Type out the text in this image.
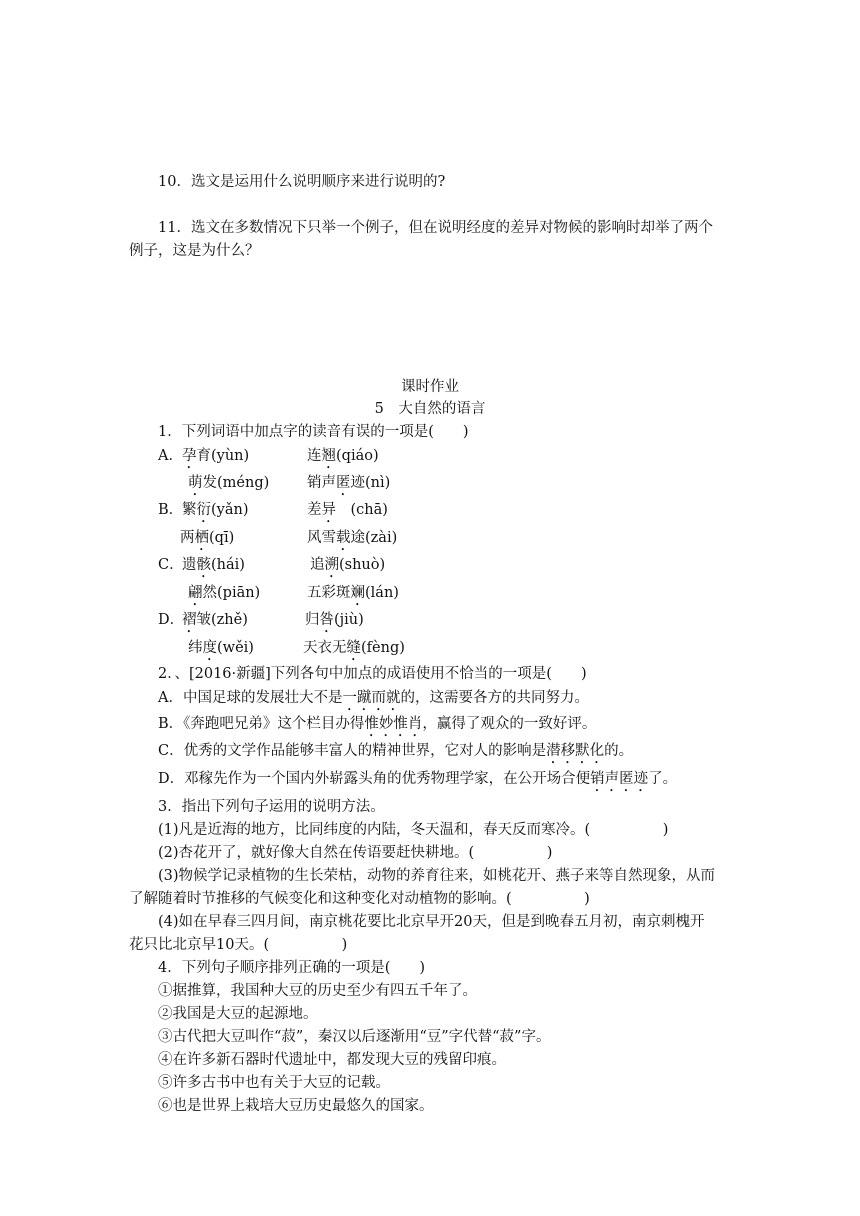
10．选文是运用什么说明顺序来进行说明的?
11．选文在多数情况下只举一个例子，但在说明经度的差异对物候的影响时却举了两个
例子，这是为什么？
课时作业
5　大自然的语言
1．下列词语中加点字的读音有误的一项是(　　)
A． 孕育(yùn)	连翘(qiáo)
萌发(méng)	销声匿迹(nì)
B．
繁衍(yǎn)	差异　(chā)
两栖(qī)	风雪载途(zài)
C．
遗骸(hái)	追溯(shuò)
翩然(piān)	五彩斑斓(lán)
D．
褶皱(zhě)	归咎(jiù)
纬度(wěi)	天衣无缝(fèng)
2．、[2016·新疆]下列各句中加点的成语使用不恰当的一项是(　　)
A．中国足球的发展壮大不是一蹴而就的，这需要各方的共同努力。
B．《奔跑吧兄弟》这个栏目办得惟妙惟肖，赢得了观众的一致好评。
C．优秀的文学作品能够丰富人的精神世界，它对人的影响是潜移默化的。
D．邓稼先作为一个国内外崭露头角的优秀物理学家，在公开场合便销声匿迹了。
3．指出下列句子运用的说明方法。
(1)凡是近海的地方，比同纬度的内陆，冬天温和，春天反而寒冷。(　　　　　)
(2)杏花开了，就好像大自然在传语要赶快耕地。(　　　　　)
(3)物候学记录植物的生长荣枯，动物的养育往来，如桃花开、燕子来等自然现象，从而
了解随着时节推移的气候变化和这种变化对动植物的影响。(　　　　　)
(4)如在早春三四月间，南京桃花要比北京早开20天，但是到晚春五月初，南京刺槐开
花只比北京早10天。(　　　　　)
4．下列句子顺序排列正确的一项是(　　)
①据推算，我国种大豆的历史至少有四五千年了。
②我国是大豆的起源地。
③古代把大豆叫作“菽”，秦汉以后逐渐用“豆”字代替“菽”字。
④在许多新石器时代遗址中，都发现大豆的残留印痕。
⑤许多古书中也有关于大豆的记载。
⑥也是世界上栽培大豆历史最悠久的国家。
